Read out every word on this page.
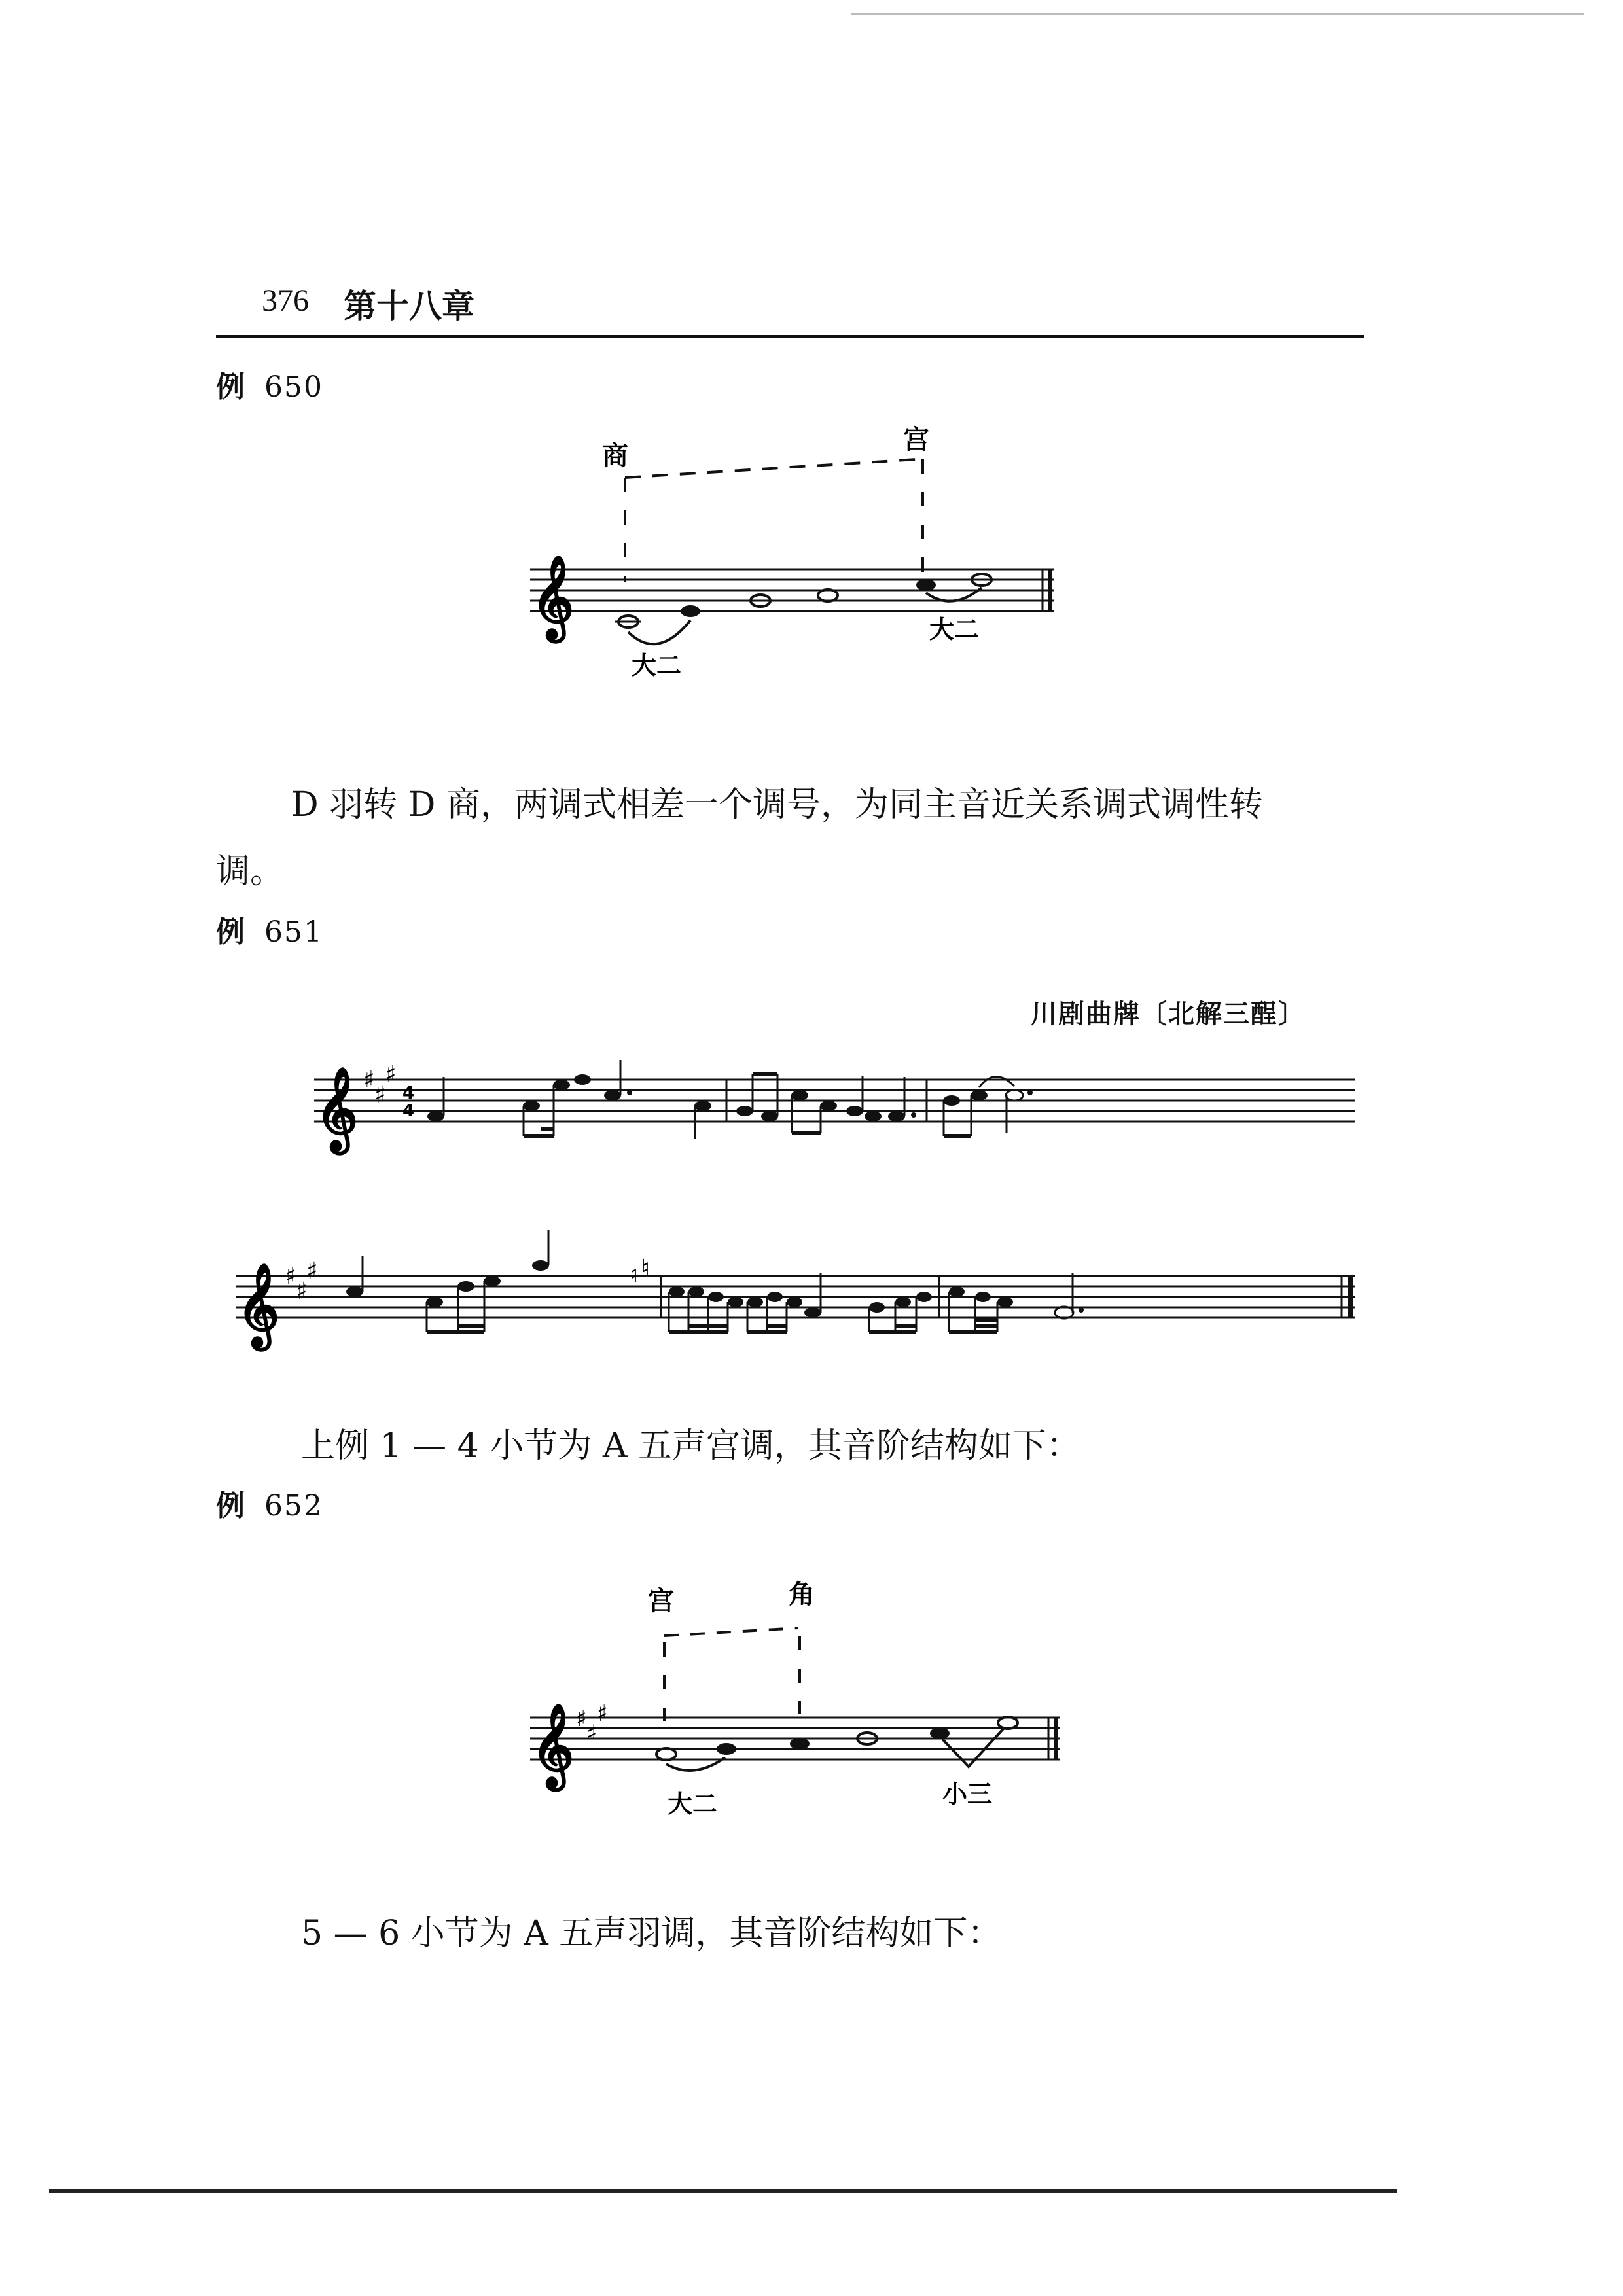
376 第十八章
例 650
商
宫
𝄞
大二
大二
D 羽转 D 商，两调式相差一个调号，为同主音近关系调式调性转
调。
例 651
川剧曲牌〔北解三酲〕
𝄞 ♯
♯
♯
4
4
𝄞 ♯
♯
♯	♮ ♮
上例 1 — 4 小节为 A 五声宫调，其音阶结构如下：
例 652
宫	角
𝄞 ♯
♯
♯
大二	小三
5 — 6 小节为 A 五声羽调，其音阶结构如下：
